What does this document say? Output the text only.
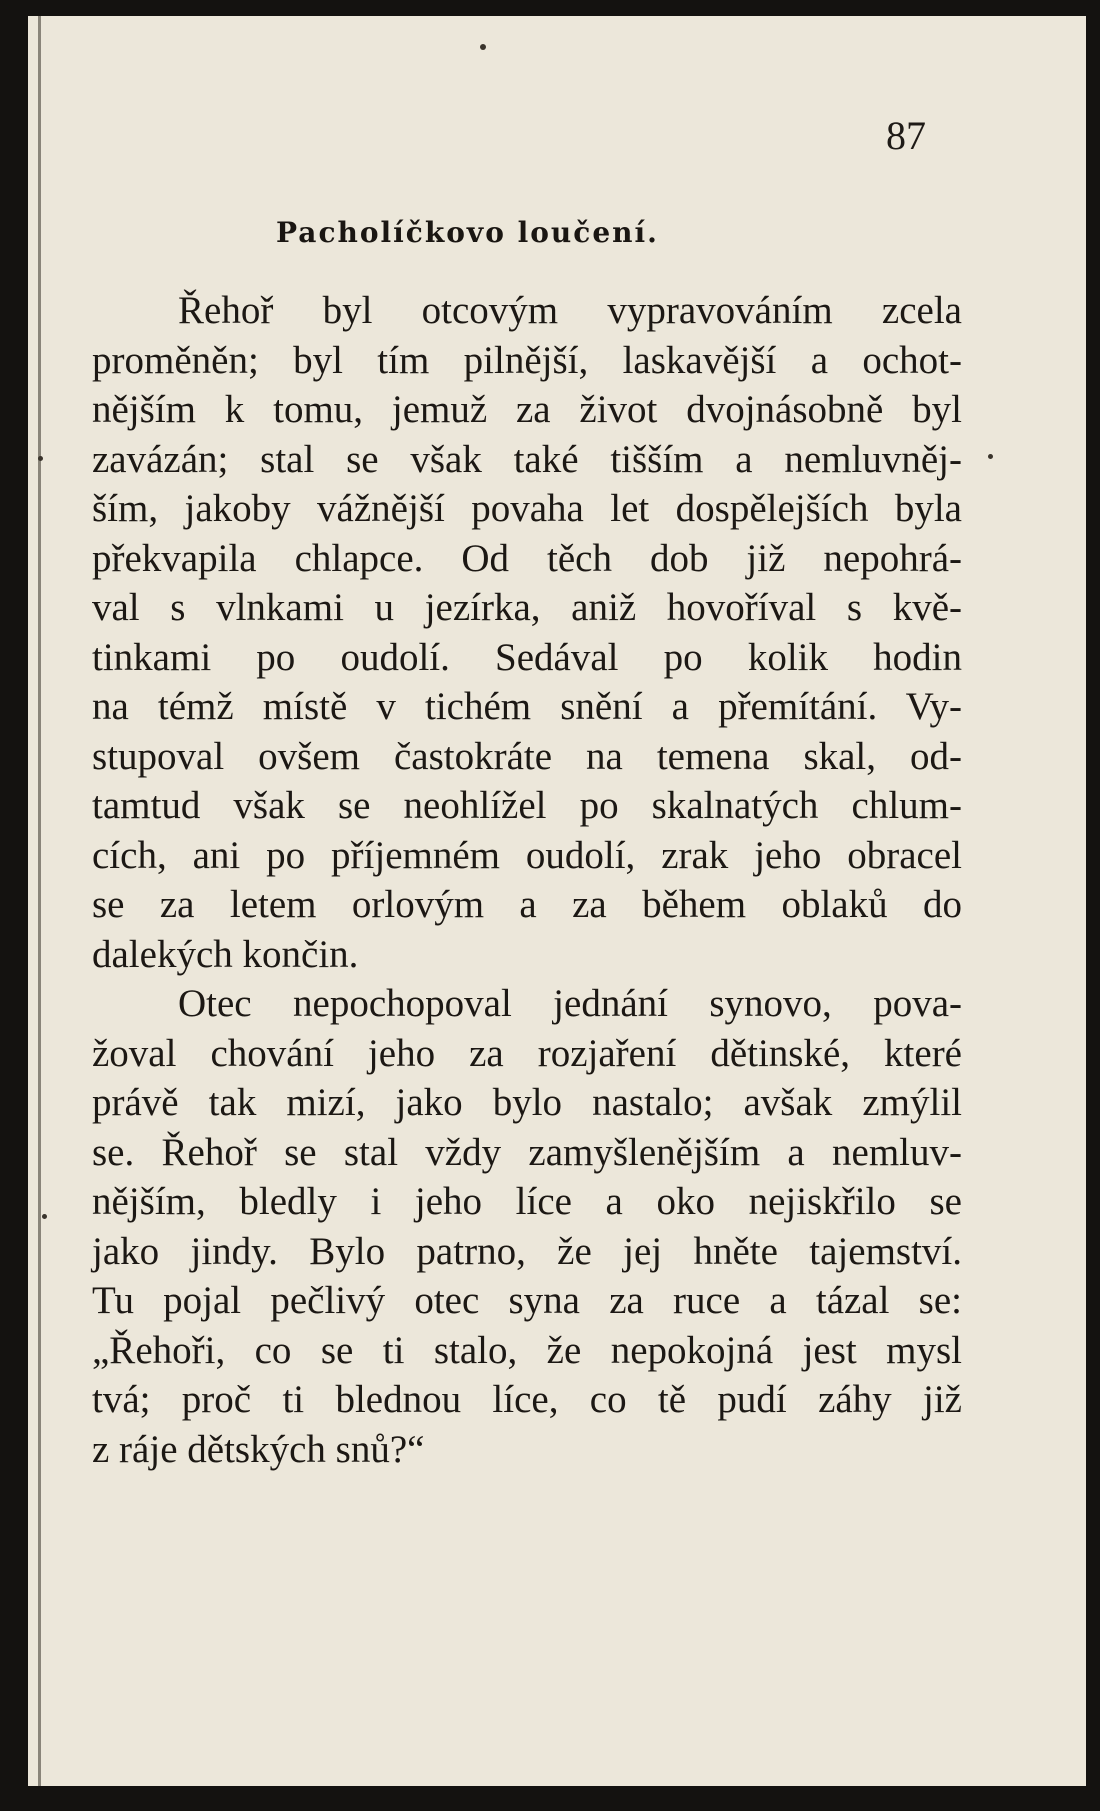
87
Pacholíčkovo loučení.
Řehoř byl otcovým vypravováním zcela
proměněn; byl tím pilnější, laskavější a ochot-
nějším k tomu, jemuž za život dvojnásobně byl
zavázán; stal se však také tišším a nemluvněj-
ším, jakoby vážnější povaha let dospělejších byla
překvapila chlapce. Od těch dob již nepohrá-
val s vlnkami u jezírka, aniž hovoříval s kvě-
tinkami po oudolí. Sedával po kolik hodin
na témž místě v tichém snění a přemítání. Vy-
stupoval ovšem častokráte na temena skal, od-
tamtud však se neohlížel po skalnatých chlum-
cích, ani po příjemném oudolí, zrak jeho obracel
se za letem orlovým a za během oblaků do
dalekých končin.
Otec nepochopoval jednání synovo, pova-
žoval chování jeho za rozjaření dětinské, které
právě tak mizí, jako bylo nastalo; avšak zmýlil
se. Řehoř se stal vždy zamyšlenějším a nemluv-
nějším, bledly i jeho líce a oko nejiskřilo se
jako jindy. Bylo patrno, že jej hněte tajemství.
Tu pojal pečlivý otec syna za ruce a tázal se:
„Řehoři, co se ti stalo, že nepokojná jest mysl
tvá; proč ti blednou líce, co tě pudí záhy již
z ráje dětských snů?“
